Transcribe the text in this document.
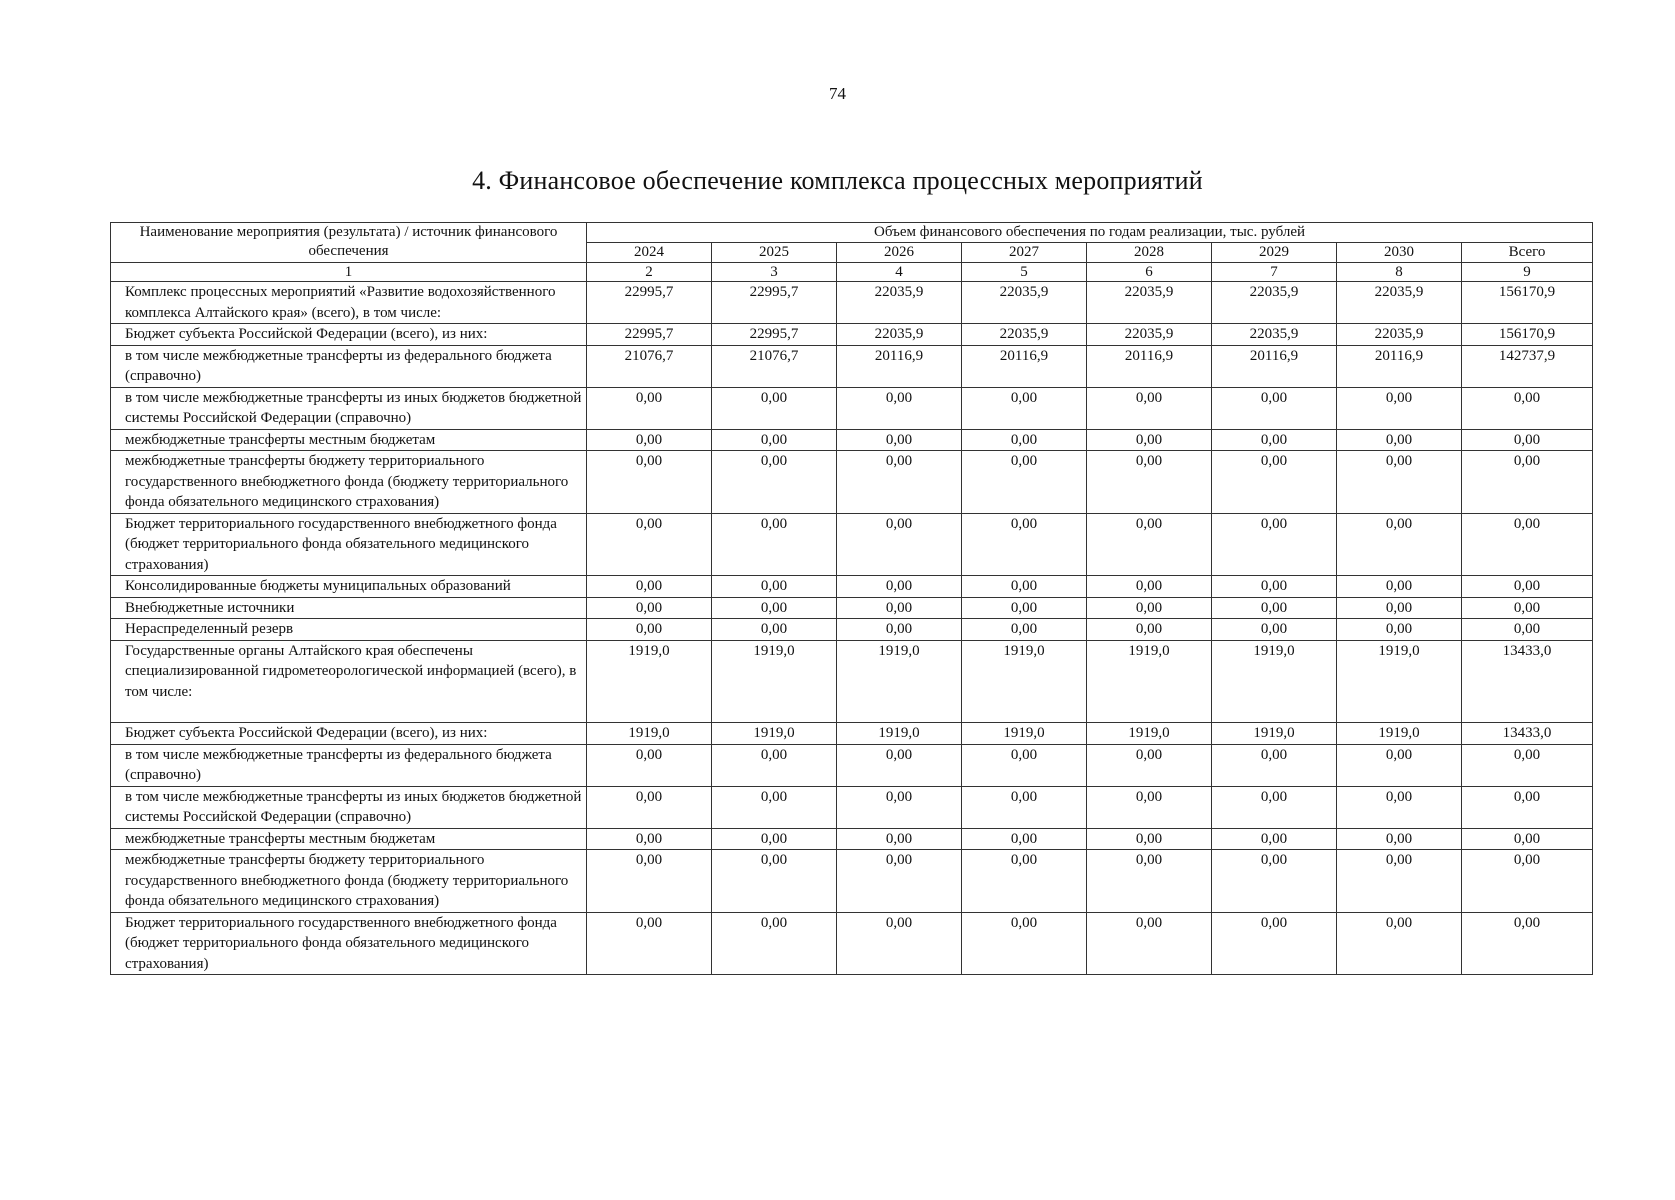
74
4. Финансовое обеспечение комплекса процессных мероприятий
Наименование мероприятия (результата) / источник финансового обеспечения	Объем финансового обеспечения по годам реализации, тыс. рублей							
	2024	2025	2026	2027	2028	2029	2030	Всего
1	2	3	4	5	6	7	8	9
Комплекс процессных мероприятий «Развитие водохозяйственного комплекса Алтайского края» (всего), в том числе:	22995,7	22995,7	22035,9	22035,9	22035,9	22035,9	22035,9	156170,9
Бюджет субъекта Российской Федерации (всего), из них:	22995,7	22995,7	22035,9	22035,9	22035,9	22035,9	22035,9	156170,9
в том числе межбюджетные трансферты из федерального бюджета (справочно)	21076,7	21076,7	20116,9	20116,9	20116,9	20116,9	20116,9	142737,9
в том числе межбюджетные трансферты из иных бюджетов бюджетной системы Российской Федерации (справочно)	0,00	0,00	0,00	0,00	0,00	0,00	0,00	0,00
межбюджетные трансферты местным бюджетам	0,00	0,00	0,00	0,00	0,00	0,00	0,00	0,00
межбюджетные трансферты бюджету территориального государственного внебюджетного фонда (бюджету территориального фонда обязательного медицинского страхования)	0,00	0,00	0,00	0,00	0,00	0,00	0,00	0,00
Бюджет территориального государственного внебюджетного фонда (бюджет территориального фонда обязательного медицинского страхования)	0,00	0,00	0,00	0,00	0,00	0,00	0,00	0,00
Консолидированные бюджеты муниципальных образований	0,00	0,00	0,00	0,00	0,00	0,00	0,00	0,00
Внебюджетные источники	0,00	0,00	0,00	0,00	0,00	0,00	0,00	0,00
Нераспределенный резерв	0,00	0,00	0,00	0,00	0,00	0,00	0,00	0,00
Государственные органы Алтайского края обеспечены специализированной гидрометеорологической информацией (всего), в том числе:	1919,0	1919,0	1919,0	1919,0	1919,0	1919,0	1919,0	13433,0
Бюджет субъекта Российской Федерации (всего), из них:	1919,0	1919,0	1919,0	1919,0	1919,0	1919,0	1919,0	13433,0
в том числе межбюджетные трансферты из федерального бюджета (справочно)	0,00	0,00	0,00	0,00	0,00	0,00	0,00	0,00
в том числе межбюджетные трансферты из иных бюджетов бюджетной системы Российской Федерации (справочно)	0,00	0,00	0,00	0,00	0,00	0,00	0,00	0,00
межбюджетные трансферты местным бюджетам	0,00	0,00	0,00	0,00	0,00	0,00	0,00	0,00
межбюджетные трансферты бюджету территориального государственного внебюджетного фонда (бюджету территориального фонда обязательного медицинского страхования)	0,00	0,00	0,00	0,00	0,00	0,00	0,00	0,00
Бюджет территориального государственного внебюджетного фонда (бюджет территориального фонда обязательного медицинского страхования)	0,00	0,00	0,00	0,00	0,00	0,00	0,00	0,00
